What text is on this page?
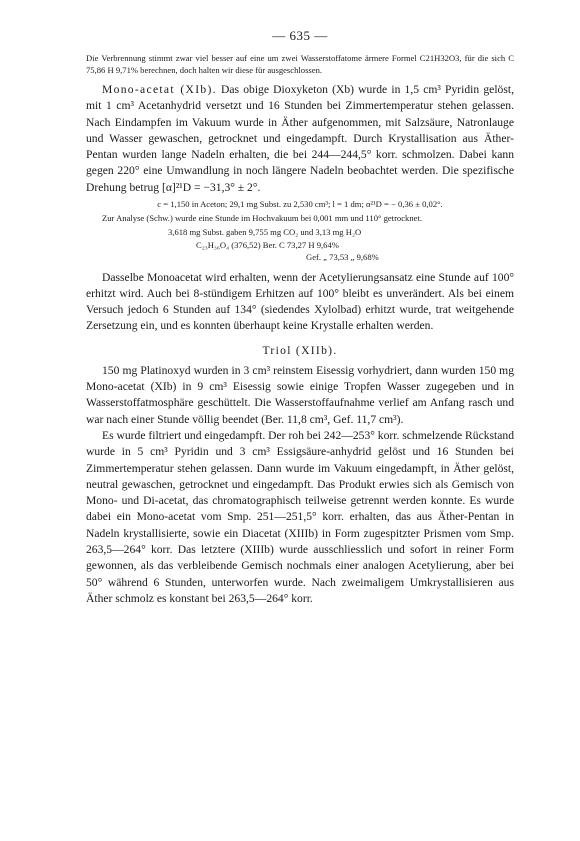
— 635 —

Die Verbrennung stimmt zwar viel besser auf eine um zwei Wasserstoffatome ärmere Formel C21H32O3, für die sich C 75,86 H 9,71% berechnen, doch halten wir diese für ausgeschlossen.

Mono-acetat (XIb). Das obige Dioxyketon (Xb) wurde in 1,5 cm³ Pyridin gelöst, mit 1 cm³ Acetanhydrid versetzt und 16 Stunden bei Zimmertemperatur stehen gelassen. Nach Eindampfen im Vakuum wurde in Äther aufgenommen, mit Salzsäure, Natronlauge und Wasser gewaschen, getrocknet und eingedampft. Durch Krystallisation aus Äther-Pentan wurden lange Nadeln erhalten, die bei 244—244,5° korr. schmolzen. Dabei kann gegen 220° eine Umwandlung in noch längere Nadeln beobachtet werden. Die spezifische Drehung betrug [α]²¹D = −31,3° ± 2°.

c = 1,150 in Aceton; 29,1 mg Subst. zu 2,530 cm³; l = 1 dm; α²¹D = − 0,36 ± 0,02°.

Zur Analyse (Schw.) wurde eine Stunde im Hochvakuum bei 0,001 mm und 110° getrocknet.

3,618 mg Subst. gaben 9,755 mg CO₂ und 3,13 mg H₂O
C₂₃H₃₆O₄ (376,52) Ber. C 73,27 H 9,64%
Gef. „ 73,53 „ 9,68%

Dasselbe Monoacetat wird erhalten, wenn der Acetylierungsansatz eine Stunde auf 100° erhitzt wird. Auch bei 8-stündigem Erhitzen auf 100° bleibt es unverändert. Als bei einem Versuch jedoch 6 Stunden auf 134° (siedendes Xylolbad) erhitzt wurde, trat weitgehende Zersetzung ein, und es konnten überhaupt keine Krystalle erhalten werden.

Triol (XIIb).

150 mg Platinoxyd wurden in 3 cm³ reinstem Eisessig vorhydriert, dann wurden 150 mg Mono-acetat (XIb) in 9 cm³ Eisessig sowie einige Tropfen Wasser zugegeben und in Wasserstoffatmosphäre geschüttelt. Die Wasserstoffaufnahme verlief am Anfang rasch und war nach einer Stunde völlig beendet (Ber. 11,8 cm³, Gef. 11,7 cm³).

Es wurde filtriert und eingedampft. Der roh bei 242—253° korr. schmelzende Rückstand wurde in 5 cm³ Pyridin und 3 cm³ Essigsäure-anhydrid gelöst und 16 Stunden bei Zimmertemperatur stehen gelassen. Dann wurde im Vakuum eingedampft, in Äther gelöst, neutral gewaschen, getrocknet und eingedampft. Das Produkt erwies sich als Gemisch von Mono- und Di-acetat, das chromatographisch teilweise getrennt werden konnte. Es wurde dabei ein Mono-acetat vom Smp. 251—251,5° korr. erhalten, das aus Äther-Pentan in Nadeln krystallisierte, sowie ein Diacetat (XIIIb) in Form zugespitzter Prismen vom Smp. 263,5—264° korr. Das letztere (XIIIb) wurde ausschliesslich und sofort in reiner Form gewonnen, als das verbleibende Gemisch nochmals einer analogen Acetylierung, aber bei 50° während 6 Stunden, unterworfen wurde. Nach zweimaligem Umkrystallisieren aus Äther schmolz es konstant bei 263,5—264° korr.
